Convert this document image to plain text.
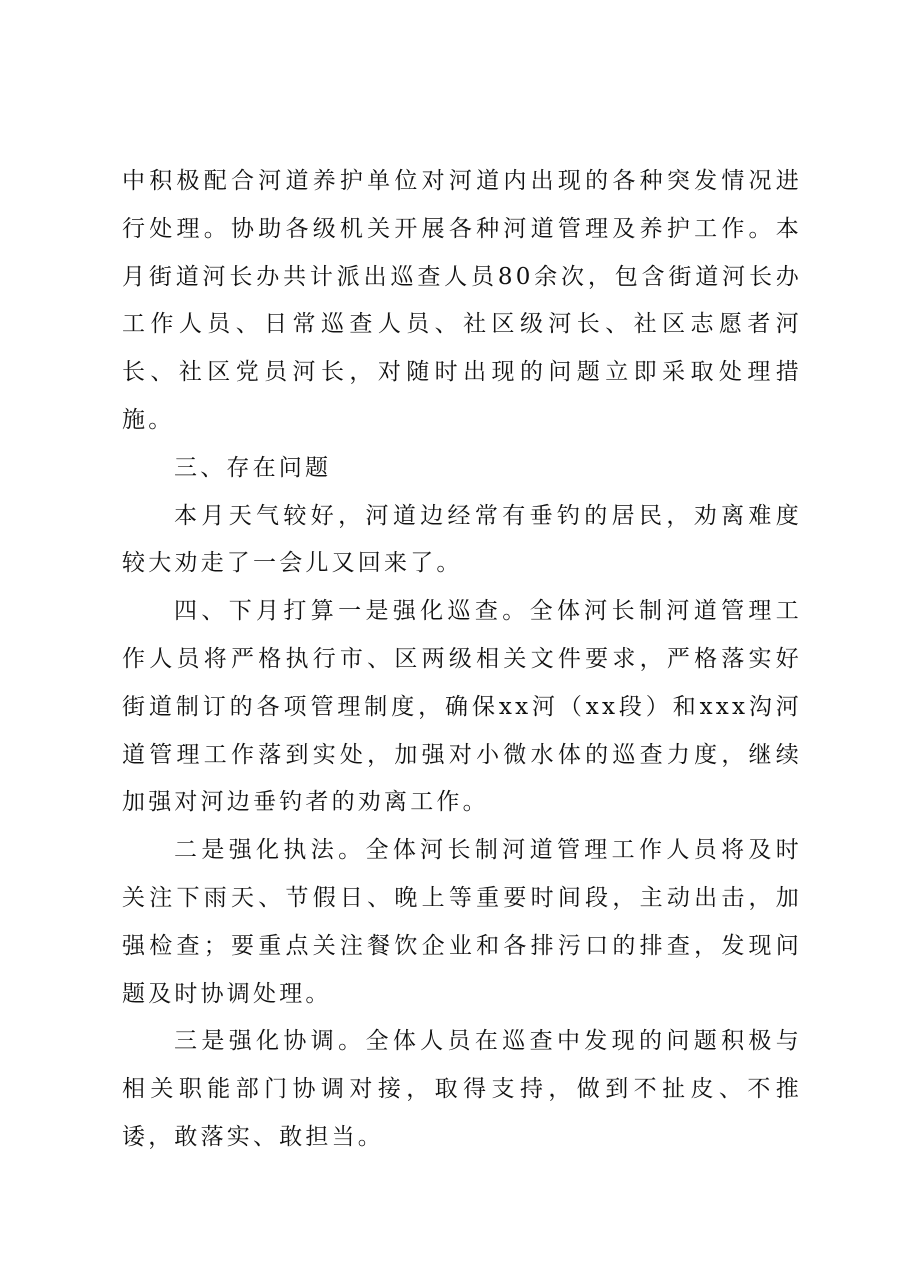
中积极配合河道养护单位对河道内出现的各种突发情况进行处理。协助各级机关开展各种河道管理及养护工作。本月街道河长办共计派出巡查人员80余次，包含街道河长办工作人员、日常巡查人员、社区级河长、社区志愿者河长、社区党员河长，对随时出现的问题立即采取处理措施。

三、存在问题

本月天气较好，河道边经常有垂钓的居民，劝离难度较大劝走了一会儿又回来了。

四、下月打算一是强化巡查。全体河长制河道管理工作人员将严格执行市、区两级相关文件要求，严格落实好街道制订的各项管理制度，确保xx河（xx段）和xxx沟河道管理工作落到实处，加强对小微水体的巡查力度，继续加强对河边垂钓者的劝离工作。

二是强化执法。全体河长制河道管理工作人员将及时关注下雨天、节假日、晚上等重要时间段，主动出击，加强检查；要重点关注餐饮企业和各排污口的排查，发现问题及时协调处理。

三是强化协调。全体人员在巡查中发现的问题积极与相关职能部门协调对接，取得支持，做到不扯皮、不推诿，敢落实、敢担当。
